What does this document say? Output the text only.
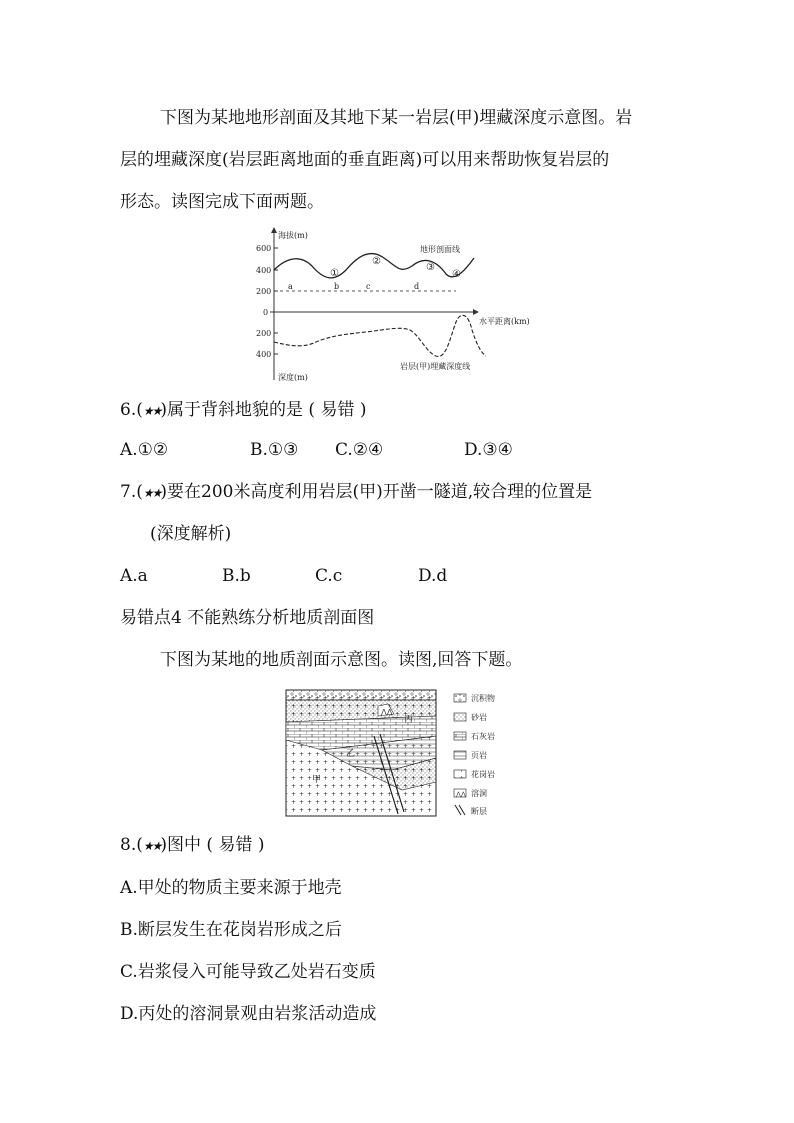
下图为某地地形剖面及其地下某一岩层(甲)埋藏深度示意图。岩
层的埋藏深度(岩层距离地面的垂直距离)可以用来帮助恢复岩层的
形态。读图完成下面两题。
海拔(m)
深度(m)
水平距离(km)
600
400
200
0
200
400
地形剖面线
a	b	c	d
①
②
③
④
岩层(甲)埋藏深度线
6.(★★)属于背斜地貌的是 ( 易错 )
A.①②	B.①③ C.②④	D.③④
7.(★★)要在200米高度利用岩层(甲)开凿一隧道,较合理的位置是
(深度解析)
A.a	B.b	C.c	D.d
易错点4 不能熟练分析地质剖面图
下图为某地的地质剖面示意图。读图,回答下题。
⋀⋀
丙
甲
乙
沉积物
砂岩
石灰岩
页岩
花岗岩
⋀⋀ 溶洞
断层
8.(★★)图中 ( 易错 )
A.甲处的物质主要来源于地壳
B.断层发生在花岗岩形成之后
C.岩浆侵入可能导致乙处岩石变质
D.丙处的溶洞景观由岩浆活动造成
